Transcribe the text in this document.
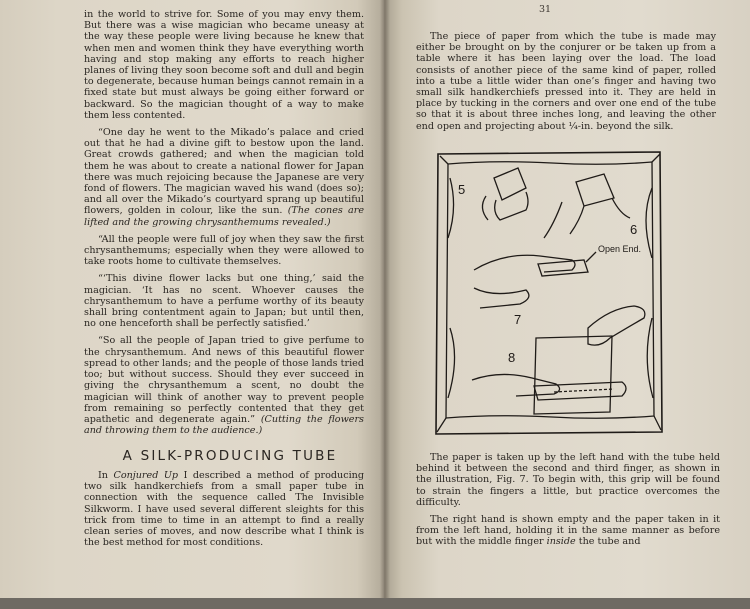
in the world to strive for. Some of you may envy them. But there was a wise magician who became uneasy at the way these people were living because he knew that when men and women think they have everything worth having and stop making any efforts to reach higher planes of living they soon become soft and dull and begin to degenerate, because human beings cannot remain in a fixed state but must always be going either forward or backward. So the magician thought of a way to make them less contented.

“One day he went to the Mikado’s palace and cried out that he had a divine gift to bestow upon the land. Great crowds gathered; and when the magician told them he was about to create a national flower for Japan there was much rejoicing because the Japanese are very fond of flowers. The magician waved his wand (does so); and all over the Mikado’s courtyard sprang up beautiful flowers, golden in colour, like the sun. (The cones are lifted and the growing chrysanthemums revealed.)

“All the people were full of joy when they saw the first chrysanthemums; especially when they were allowed to take roots home to cultivate themselves.

“‘This divine flower lacks but one thing,’ said the magician. ‘It has no scent. Whoever causes the chrysanthemum to have a perfume worthy of its beauty shall bring contentment again to Japan; but until then, no one henceforth shall be perfectly satisfied.’

“So all the people of Japan tried to give perfume to the chrysanthemum. And news of this beautiful flower spread to other lands; and the people of those lands tried too; but without success. Should they ever succeed in giving the chrysanthemum a scent, no doubt the magician will think of another way to prevent people from remaining so perfectly contented that they get apathetic and degenerate again.” (Cutting the flowers and throwing them to the audience.)

A SILK-PRODUCING TUBE

In Conjured Up I described a method of producing two silk handkerchiefs from a small paper tube in connection with the sequence called The Invisible Silkworm. I have used several different sleights for this trick from time to time in an attempt to find a really clean series of moves, and now describe what I think is the best method for most conditions.

31

The piece of paper from which the tube is made may either be brought on by the conjurer or be taken up from a table where it has been laying over the load. The load consists of another piece of the same kind of paper, rolled into a tube a little wider than one’s finger and having two small silk handkerchiefs pressed into it. They are held in place by tucking in the corners and over one end of the tube so that it is about three inches long, and leaving the other end open and projecting about ¼-in. beyond the silk.

5
6
7
8
Open End.

The paper is taken up by the left hand with the tube held behind it between the second and third finger, as shown in the illustration, Fig. 7. To begin with, this grip will be found to strain the fingers a little, but practice overcomes the difficulty.

The right hand is shown empty and the paper taken in it from the left hand, holding it in the same manner as before but with the middle finger inside the tube and
